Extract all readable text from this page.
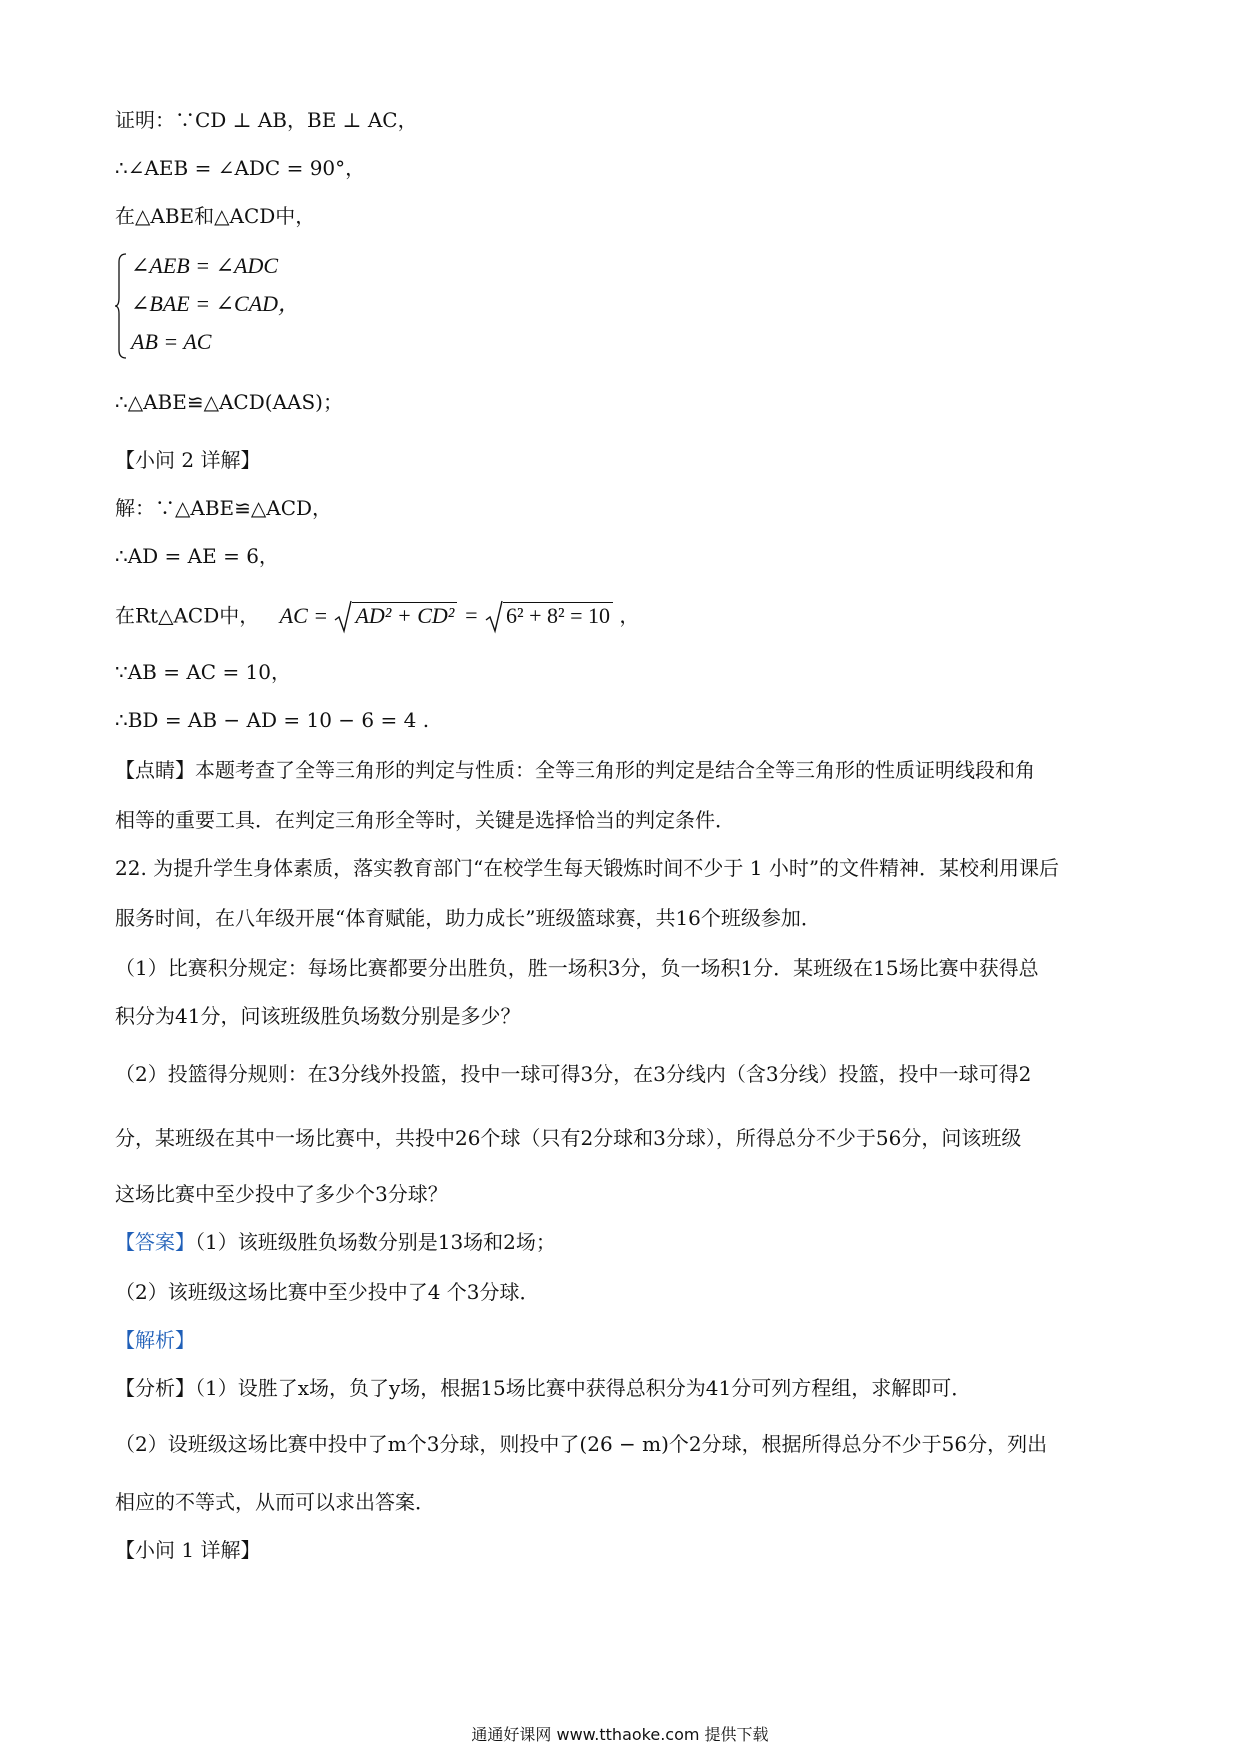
证明：∵CD ⊥ AB，BE ⊥ AC，
∴∠AEB = ∠ADC = 90°，
在△ABE和△ACD中，
∠AEB = ∠ADC
∠BAE = ∠CAD，
AB = AC
∴△ABE≌△ACD(AAS)；
【小问 2 详解】
解：∵△ABE≌△ACD，
∴AD = AE = 6，
在Rt△ACD中， AC = AD² + CD² = 6² + 8² = 10 ，
∵AB = AC = 10，
∴BD = AB − AD = 10 − 6 = 4 .
【点睛】本题考查了全等三角形的判定与性质：全等三角形的判定是结合全等三角形的性质证明线段和角
相等的重要工具．在判定三角形全等时，关键是选择恰当的判定条件．
22. 为提升学生身体素质，落实教育部门“在校学生每天锻炼时间不少于 1 小时”的文件精神．某校利用课后
服务时间，在八年级开展“体育赋能，助力成长”班级篮球赛，共16个班级参加．
（1）比赛积分规定：每场比赛都要分出胜负，胜一场积3分，负一场积1分．某班级在15场比赛中获得总
积分为41分，问该班级胜负场数分别是多少？
（2）投篮得分规则：在3分线外投篮，投中一球可得3分，在3分线内（含3分线）投篮，投中一球可得2
分，某班级在其中一场比赛中，共投中26个球（只有2分球和3分球），所得总分不少于56分，问该班级
这场比赛中至少投中了多少个3分球？
【答案】（1）该班级胜负场数分别是13场和2场；
（2）该班级这场比赛中至少投中了4 个3分球．
【解析】
【分析】（1）设胜了x场，负了y场，根据15场比赛中获得总积分为41分可列方程组，求解即可．
（2）设班级这场比赛中投中了m个3分球，则投中了(26 − m)个2分球，根据所得总分不少于56分，列出
相应的不等式，从而可以求出答案．
【小问 1 详解】
通通好课网 www.tthaoke.com 提供下载
